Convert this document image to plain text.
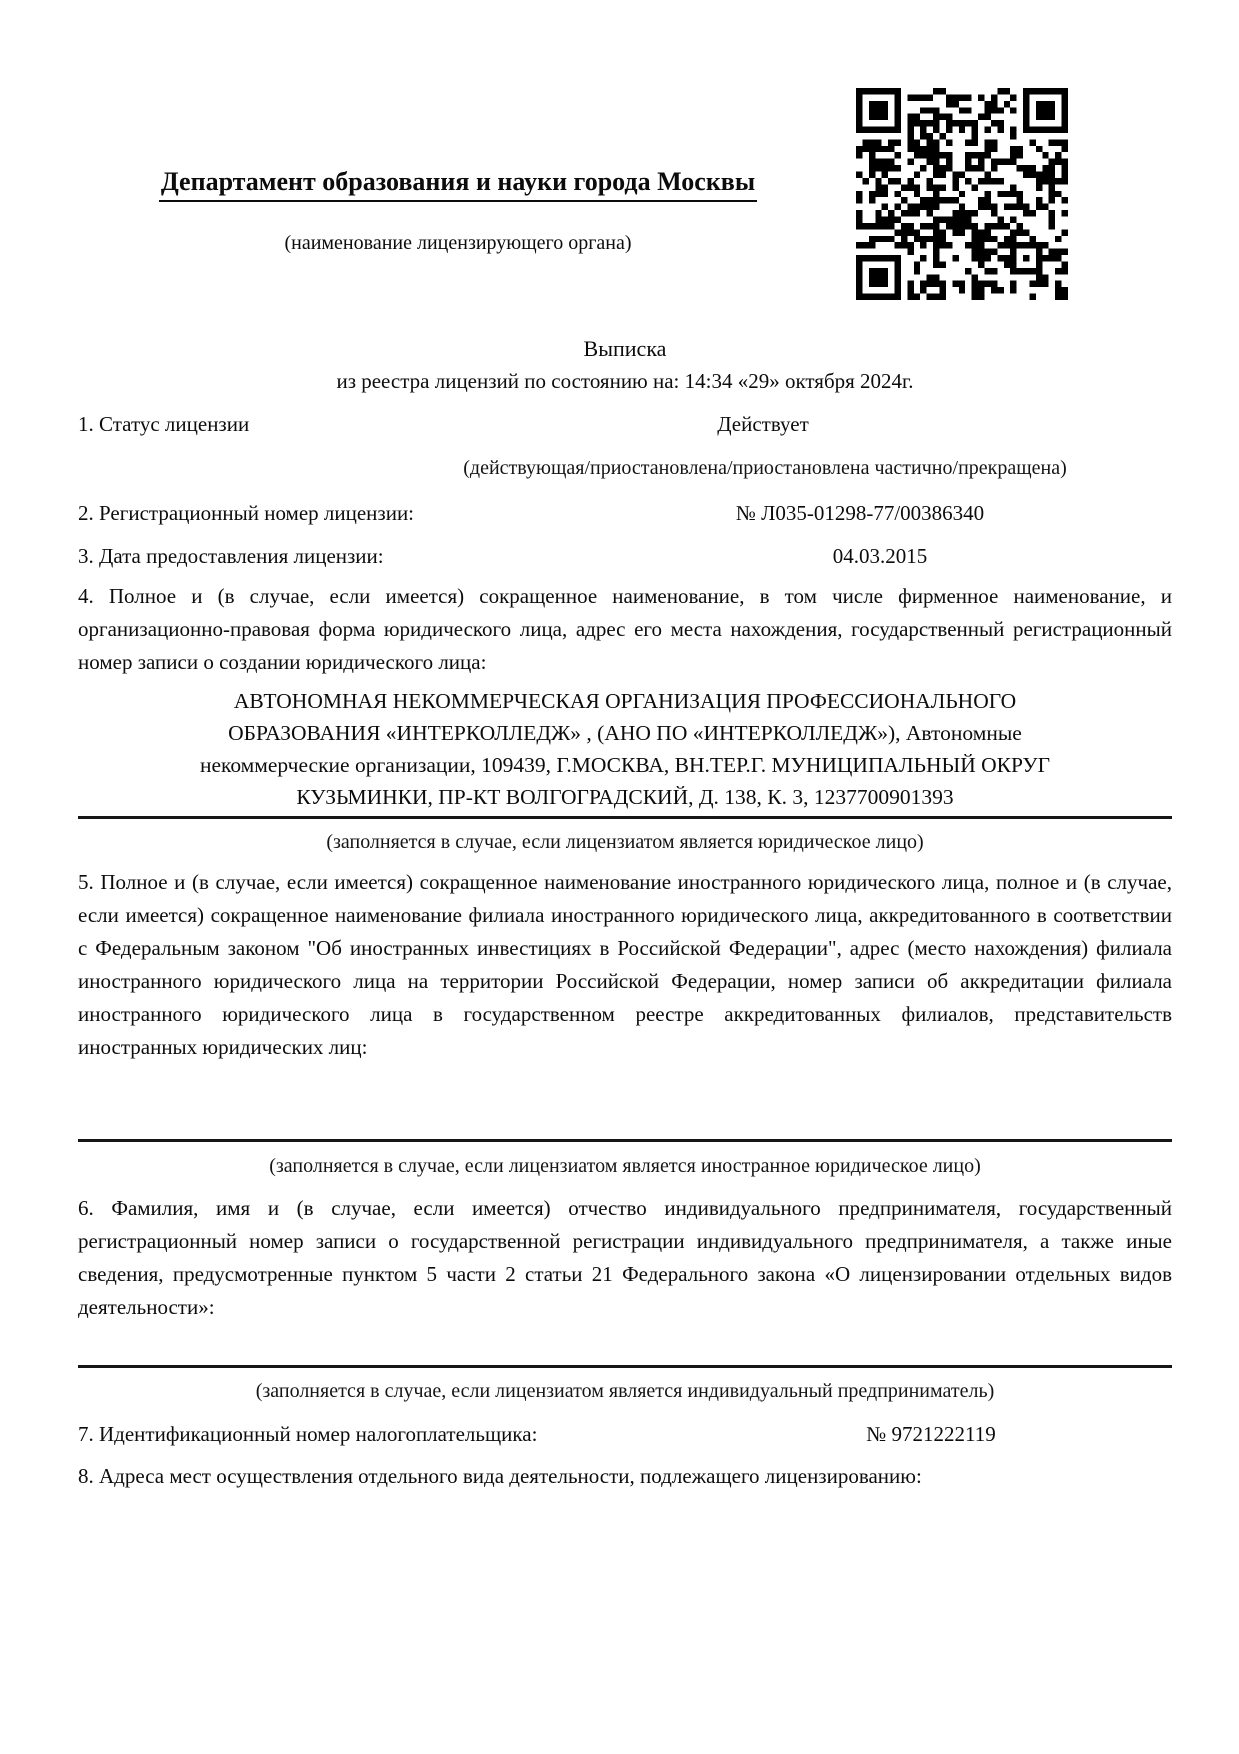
Департамент образования и науки города Москвы
(наименование лицензирующего органа)
Выписка
из реестра лицензий по состоянию на: 14:34 «29» октября 2024г.
1. Статус лицензии	Действует
(действующая/приостановлена/приостановлена частично/прекращена)
2. Регистрационный номер лицензии:	№ Л035-01298-77/00386340
3. Дата предоставления лицензии:	04.03.2015
4. Полное и (в случае, если имеется) сокращенное наименование, в том числе фирменное наименование, и организационно-правовая форма юридического лица, адрес его места нахождения, государственный регистрационный номер записи о создании юридического лица:
АВТОНОМНАЯ НЕКОММЕРЧЕСКАЯ ОРГАНИЗАЦИЯ ПРОФЕССИОНАЛЬНОГО
ОБРАЗОВАНИЯ «ИНТЕРКОЛЛЕДЖ» , (АНО ПО «ИНТЕРКОЛЛЕДЖ»), Автономные
некоммерческие организации, 109439, Г.МОСКВА, ВН.ТЕР.Г. МУНИЦИПАЛЬНЫЙ ОКРУГ
КУЗЬМИНКИ, ПР-КТ ВОЛГОГРАДСКИЙ, Д. 138, К. 3, 1237700901393
(заполняется в случае, если лицензиатом является юридическое лицо)
5. Полное и (в случае, если имеется) сокращенное наименование иностранного юридического лица, полное и (в случае, если имеется) сокращенное наименование филиала иностранного юридического лица, аккредитованного в соответствии с Федеральным законом "Об иностранных инвестициях в Российской Федерации", адрес (место нахождения) филиала иностранного юридического лица на территории Российской Федерации, номер записи об аккредитации филиала иностранного юридического лица в государственном реестре аккредитованных филиалов, представительств иностранных юридических лиц:
(заполняется в случае, если лицензиатом является иностранное юридическое лицо)
6. Фамилия, имя и (в случае, если имеется) отчество индивидуального предпринимателя, государственный регистрационный номер записи о государственной регистрации индивидуального предпринимателя, а также иные сведения, предусмотренные пунктом 5 части 2 статьи 21 Федерального закона «О лицензировании отдельных видов деятельности»:
(заполняется в случае, если лицензиатом является индивидуальный предприниматель)
7. Идентификационный номер налогоплательщика:	№ 9721222119
8. Адреса мест осуществления отдельного вида деятельности, подлежащего лицензированию:
